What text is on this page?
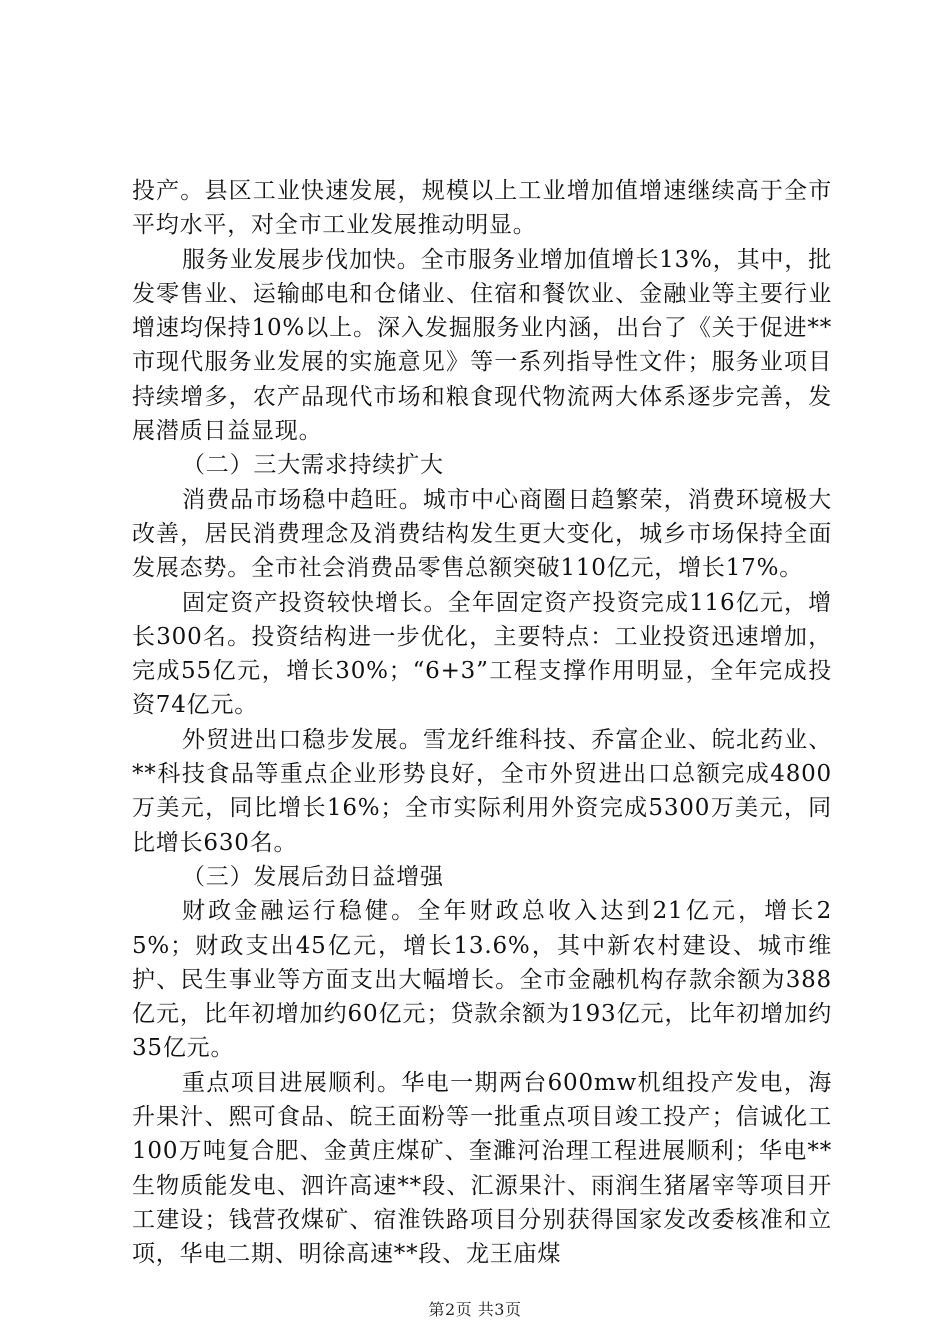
投产。县区工业快速发展，规模以上工业增加值增速继续高于全市平均水平，对全市工业发展推动明显。

服务业发展步伐加快。全市服务业增加值增长13%，其中，批发零售业、运输邮电和仓储业、住宿和餐饮业、金融业等主要行业增速均保持10%以上。深入发掘服务业内涵，出台了《关于促进**市现代服务业发展的实施意见》等一系列指导性文件；服务业项目持续增多，农产品现代市场和粮食现代物流两大体系逐步完善，发展潜质日益显现。

（二）三大需求持续扩大

消费品市场稳中趋旺。城市中心商圈日趋繁荣，消费环境极大改善，居民消费理念及消费结构发生更大变化，城乡市场保持全面发展态势。全市社会消费品零售总额突破110亿元，增长17%。

固定资产投资较快增长。全年固定资产投资完成116亿元，增长300名。投资结构进一步优化，主要特点：工业投资迅速增加，完成55亿元，增长30%；“6+3”工程支撑作用明显，全年完成投资74亿元。

外贸进出口稳步发展。雪龙纤维科技、乔富企业、皖北药业、**科技食品等重点企业形势良好，全市外贸进出口总额完成4800万美元，同比增长16%；全市实际利用外资完成5300万美元，同比增长630名。

（三）发展后劲日益增强

财政金融运行稳健。全年财政总收入达到21亿元，增长25%；财政支出45亿元，增长13.6%，其中新农村建设、城市维护、民生事业等方面支出大幅增长。全市金融机构存款余额为388亿元，比年初增加约60亿元；贷款余额为193亿元，比年初增加约35亿元。

重点项目进展顺利。华电一期两台600mw机组投产发电，海升果汁、熙可食品、皖王面粉等一批重点项目竣工投产；信诚化工100万吨复合肥、金黄庄煤矿、奎濉河治理工程进展顺利；华电**生物质能发电、泗许高速**段、汇源果汁、雨润生猪屠宰等项目开工建设；钱营孜煤矿、宿淮铁路项目分别获得国家发改委核准和立项，华电二期、明徐高速**段、龙王庙煤

第2页 共3页
